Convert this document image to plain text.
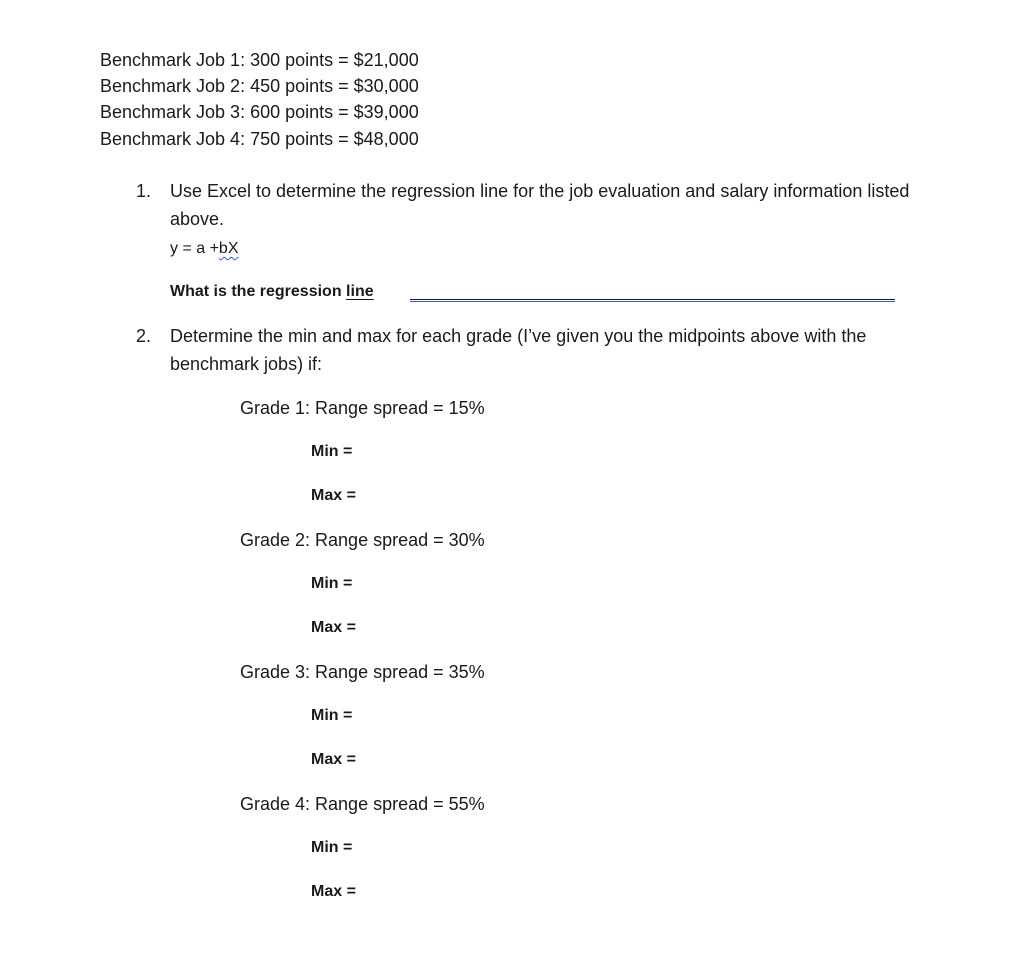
Benchmark Job 1: 300 points = $21,000
Benchmark Job 2: 450 points = $30,000
Benchmark Job 3: 600 points = $39,000
Benchmark Job 4: 750 points = $48,000
1. Use Excel to determine the regression line for the job evaluation and salary information listed
above.
y = a +bX
What is the regression line
2. Determine the min and max for each grade (I’ve given you the midpoints above with the
benchmark jobs) if:
Grade 1: Range spread = 15%
Min =
Max =
Grade 2: Range spread = 30%
Min =
Max =
Grade 3: Range spread = 35%
Min =
Max =
Grade 4: Range spread = 55%
Min =
Max =
